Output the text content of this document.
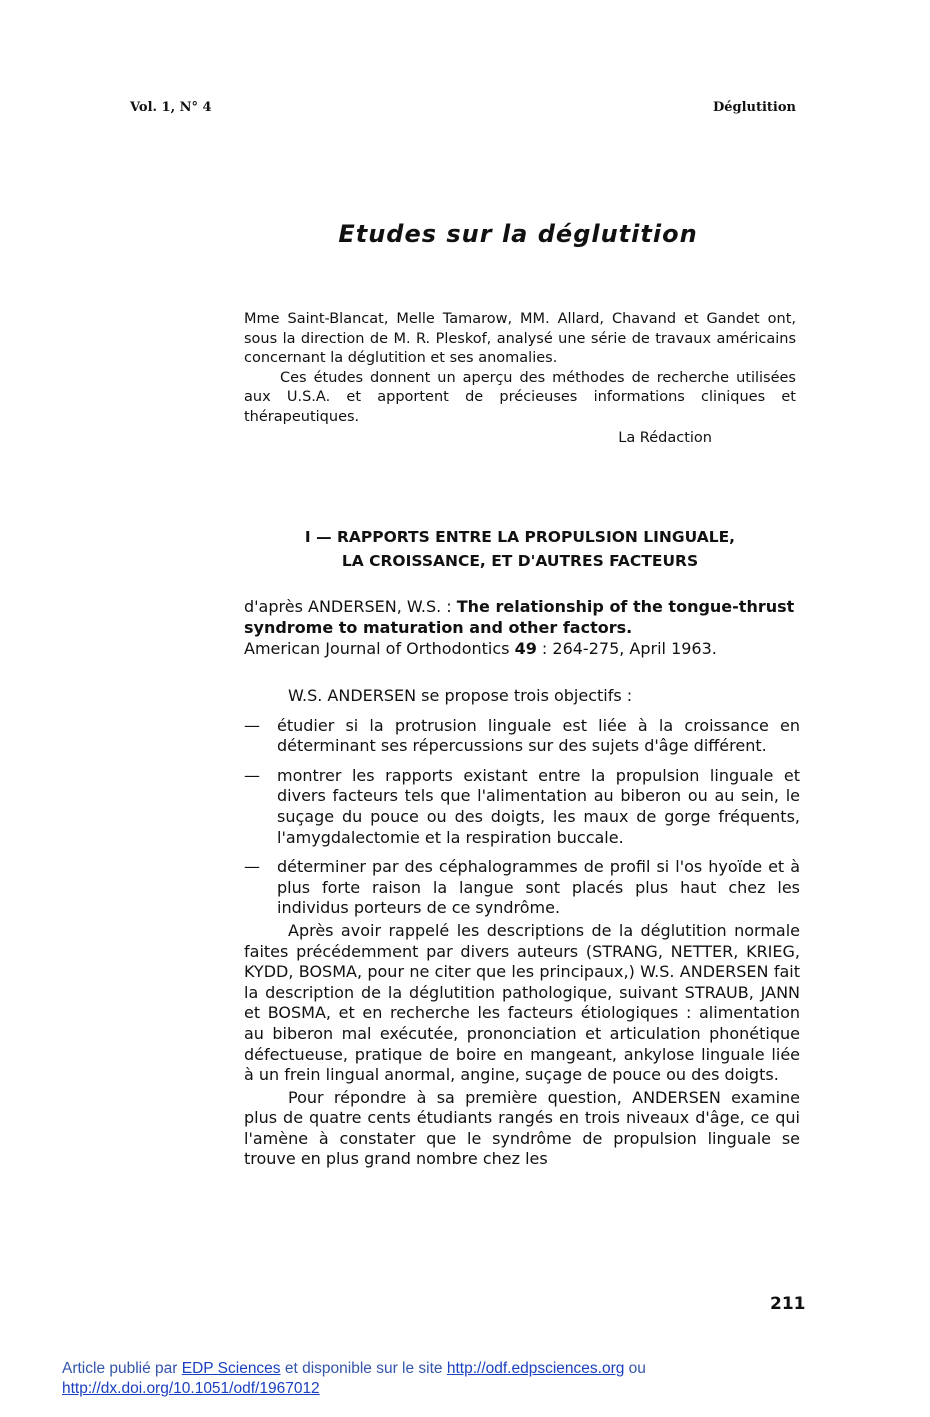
Vol. 1, N° 4	Déglutition
Etudes sur la déglutition

Mme Saint-Blancat, Melle Tamarow, MM. Allard, Chavand et Gandet ont, sous la direction de M. R. Pleskof, analysé une série de travaux américains concernant la déglutition et ses anomalies.

Ces études donnent un aperçu des méthodes de recherche utilisées aux U.S.A. et apportent de précieuses informations cliniques et thérapeutiques.

La Rédaction

I — RAPPORTS ENTRE LA PROPULSION LINGUALE,
LA CROISSANCE, ET D'AUTRES FACTEURS
d'après ANDERSEN, W.S. : The relationship of the tongue-thrust syndrome to maturation and other factors.
American Journal of Orthodontics 49 : 264-275, April 1963.

W.S. ANDERSEN se propose trois objectifs :

— étudier si la protrusion linguale est liée à la croissance en déterminant ses répercussions sur des sujets d'âge différent.

— montrer les rapports existant entre la propulsion linguale et divers facteurs tels que l'alimentation au biberon ou au sein, le suçage du pouce ou des doigts, les maux de gorge fréquents, l'amygdalectomie et la respiration buccale.

— déterminer par des céphalogrammes de profil si l'os hyoïde et à plus forte raison la langue sont placés plus haut chez les individus porteurs de ce syndrôme.

Après avoir rappelé les descriptions de la déglutition normale faites précédemment par divers auteurs (STRANG, NETTER, KRIEG, KYDD, BOSMA, pour ne citer que les principaux,) W.S. ANDERSEN fait la description de la déglutition pathologique, suivant STRAUB, JANN et BOSMA, et en recherche les facteurs étiologiques : alimentation au biberon mal exécutée, prononciation et articulation phonétique défectueuse, pratique de boire en mangeant, ankylose linguale liée à un frein lingual anormal, angine, suçage de pouce ou des doigts.

Pour répondre à sa première question, ANDERSEN examine plus de quatre cents étudiants rangés en trois niveaux d'âge, ce qui l'amène à constater que le syndrôme de propulsion linguale se trouve en plus grand nombre chez les

211
Article publié par EDP Sciences et disponible sur le site http://odf.edpsciences.org ou
http://dx.doi.org/10.1051/odf/1967012
